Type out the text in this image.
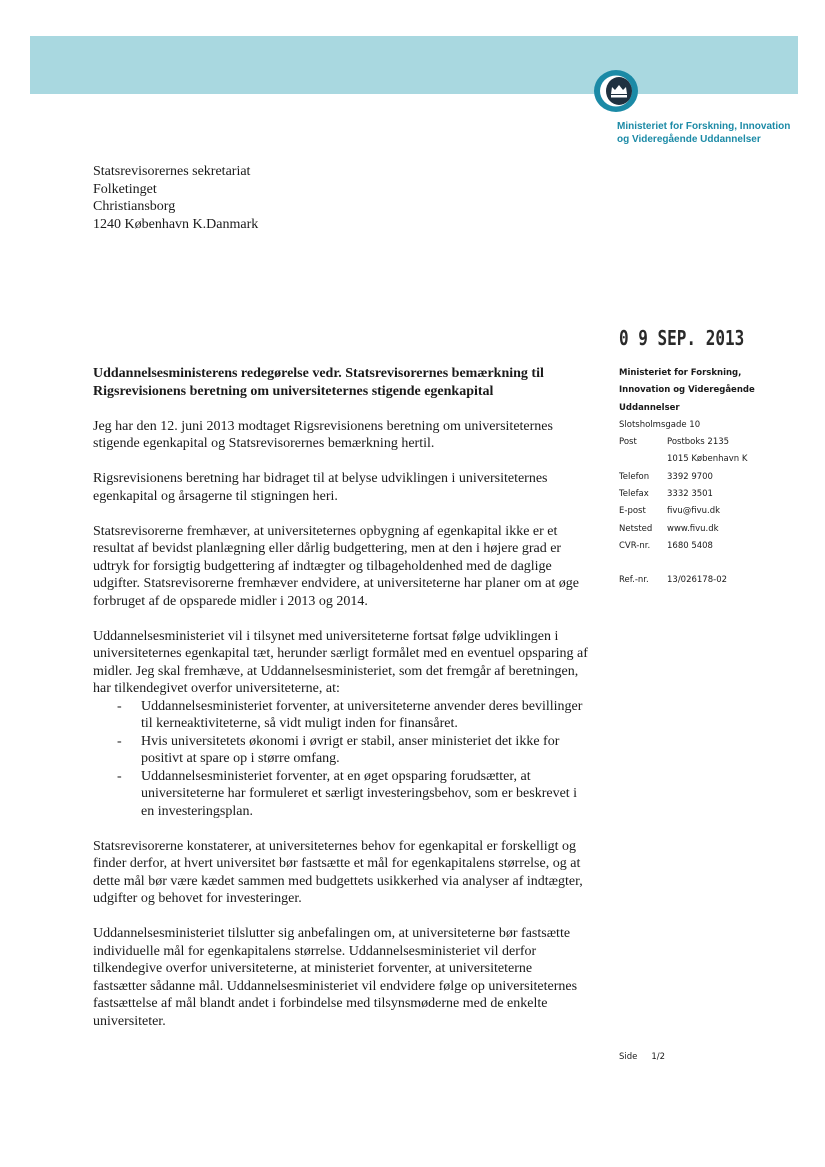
Ministeriet for Forskning, Innovation
og Videregående Uddannelser
Statsrevisorernes sekretariat
Folketinget
Christiansborg
1240 København K.Danmark
0 9 SEP. 2013
Ministeriet for Forskning,
Innovation og Videregående
Uddannelser
Slotsholmsgade 10
Post	Postboks 2135
1015 København K
Telefon	3392 9700
Telefax	3332 3501
E-post	fivu@fivu.dk
Netsted	www.fivu.dk
CVR-nr.	1680 5408
Ref.-nr.	13/026178-02
Uddannelsesministerens redegørelse vedr. Statsrevisorernes bemærkning til
Rigsrevisionens beretning om universiteternes stigende egenkapital

Jeg har den 12. juni 2013 modtaget Rigsrevisionens beretning om universiteternes stigende egenkapital og Statsrevisorernes bemærkning hertil.

Rigsrevisionens beretning har bidraget til at belyse udviklingen i universiteternes egenkapital og årsagerne til stigningen heri.

Statsrevisorerne fremhæver, at universiteternes opbygning af egenkapital ikke er et resultat af bevidst planlægning eller dårlig budgettering, men at den i højere grad er udtryk for forsigtig budgettering af indtægter og tilbageholdenhed med de daglige udgifter. Statsrevisorerne fremhæver endvidere, at universiteterne har planer om at øge forbruget af de opsparede midler i 2013 og 2014.

Uddannelsesministeriet vil i tilsynet med universiteterne fortsat følge udviklingen i universiteternes egenkapital tæt, herunder særligt formålet med en eventuel opsparing af midler. Jeg skal fremhæve, at Uddannelsesministeriet, som det fremgår af beretningen, har tilkendegivet overfor universiteterne, at:

-	Uddannelsesministeriet forventer, at universiteterne anvender deres bevillinger til kerneaktiviteterne, så vidt muligt inden for finansåret.
-	Hvis universitetets økonomi i øvrigt er stabil, anser ministeriet det ikke for positivt at spare op i større omfang.
-	Uddannelsesministeriet forventer, at en øget opsparing forudsætter, at universiteterne har formuleret et særligt investeringsbehov, som er beskrevet i en investeringsplan.

Statsrevisorerne konstaterer, at universiteternes behov for egenkapital er forskelligt og finder derfor, at hvert universitet bør fastsætte et mål for egenkapitalens størrelse, og at dette mål bør være kædet sammen med budgettets usikkerhed via analyser af indtægter, udgifter og behovet for investeringer.

Uddannelsesministeriet tilslutter sig anbefalingen om, at universiteterne bør fastsætte individuelle mål for egenkapitalens størrelse. Uddannelsesministeriet vil derfor tilkendegive overfor universiteterne, at ministeriet forventer, at universiteterne fastsætter sådanne mål. Uddannelsesministeriet vil endvidere følge op universiteternes fastsættelse af mål blandt andet i forbindelse med tilsynsmøderne med de enkelte universiteter.

Side 1/2
